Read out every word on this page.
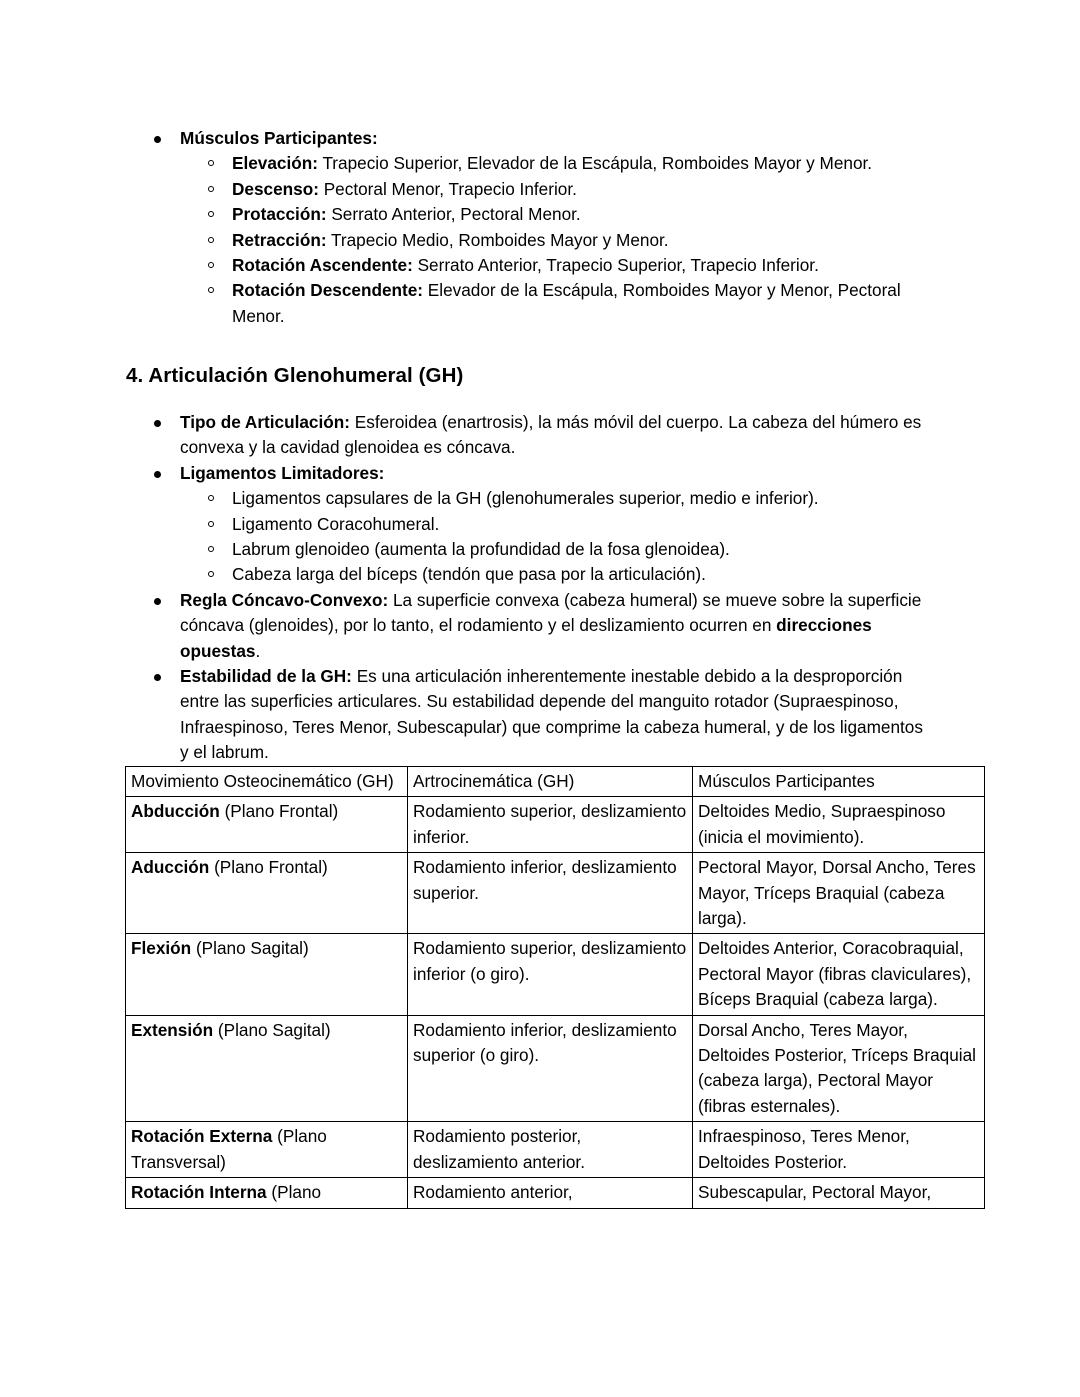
Músculos Participantes:
Elevación: Trapecio Superior, Elevador de la Escápula, Romboides Mayor y Menor.
Descenso: Pectoral Menor, Trapecio Inferior.
Protacción: Serrato Anterior, Pectoral Menor.
Retracción: Trapecio Medio, Romboides Mayor y Menor.
Rotación Ascendente: Serrato Anterior, Trapecio Superior, Trapecio Inferior.
Rotación Descendente: Elevador de la Escápula, Romboides Mayor y Menor, Pectoral Menor.
4. Articulación Glenohumeral (GH)
Tipo de Articulación: Esferoidea (enartrosis), la más móvil del cuerpo. La cabeza del húmero es convexa y la cavidad glenoidea es cóncava.
Ligamentos Limitadores:
Ligamentos capsulares de la GH (glenohumerales superior, medio e inferior).
Ligamento Coracohumeral.
Labrum glenoideo (aumenta la profundidad de la fosa glenoidea).
Cabeza larga del bíceps (tendón que pasa por la articulación).
Regla Cóncavo-Convexo: La superficie convexa (cabeza humeral) se mueve sobre la superficie cóncava (glenoides), por lo tanto, el rodamiento y el deslizamiento ocurren en direcciones opuestas.
Estabilidad de la GH: Es una articulación inherentemente inestable debido a la desproporción entre las superficies articulares. Su estabilidad depende del manguito rotador (Supraespinoso, Infraespinoso, Teres Menor, Subescapular) que comprime la cabeza humeral, y de los ligamentos y el labrum.
Movimiento Osteocinemático (GH)	Artrocinemática (GH)	Músculos Participantes
Abducción (Plano Frontal)	Rodamiento superior, deslizamiento inferior.	Deltoides Medio, Supraespinoso (inicia el movimiento).
Aducción (Plano Frontal)	Rodamiento inferior, deslizamiento superior.	Pectoral Mayor, Dorsal Ancho, Teres Mayor, Tríceps Braquial (cabeza larga).
Flexión (Plano Sagital)	Rodamiento superior, deslizamiento inferior (o giro).	Deltoides Anterior, Coracobraquial, Pectoral Mayor (fibras claviculares), Bíceps Braquial (cabeza larga).
Extensión (Plano Sagital)	Rodamiento inferior, deslizamiento superior (o giro).	Dorsal Ancho, Teres Mayor, Deltoides Posterior, Tríceps Braquial (cabeza larga), Pectoral Mayor (fibras esternales).
Rotación Externa (Plano Transversal)	Rodamiento posterior, deslizamiento anterior.	Infraespinoso, Teres Menor, Deltoides Posterior.
Rotación Interna (Plano	Rodamiento anterior,	Subescapular, Pectoral Mayor,
